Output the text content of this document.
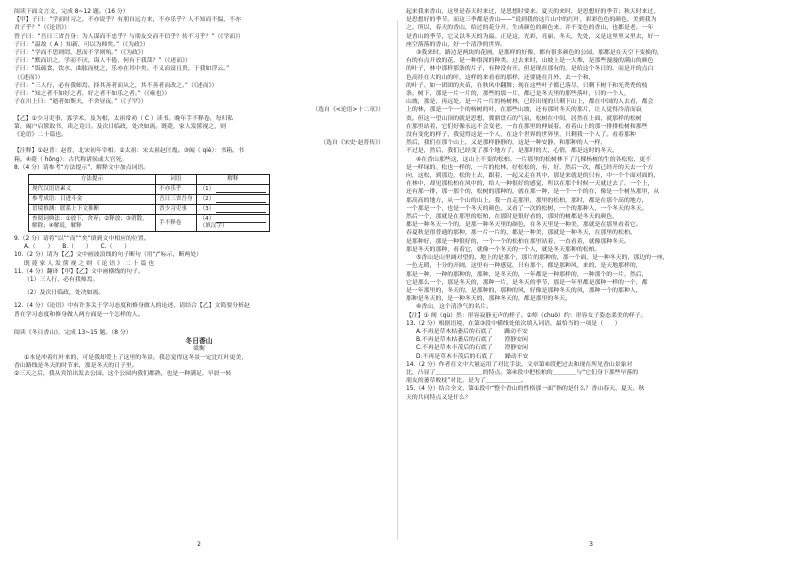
阅读下面文言文，完成 8~12 题。（16 分）
【甲】子曰：“学而时习之，不亦说乎？有朋自远方来，不亦乐乎？人不知而不愠，不亦
君子乎？”（《论语》）
曾子曰：“吾日三省吾身：为人谋而不忠乎？与朋友交而不信乎？传不习乎？”（《学而》）
子曰：“温故（ A ）知新，可以为师矣。”（《为政》）
子曰：“学而不思则罔，思而不学则殆。”（《为政》）
子曰：“默而识之，学而不厌，诲人不倦，何有于我哉？”（《述而》）
子曰：“饭疏食，饮水，曲肱而枕之，乐亦在其中矣。不义而富且贵，于我如浮云。”
（《述而》）
子曰：“三人行，必有我师焉。择其善者而从之，其不善者而改之。”（《述而》）
子曰：“知之者不如好之者，好之者不如乐之者。”（《雍也》）
子在川上曰：“逝者如斯夫，不舍昼夜。”（《子罕》）
（选自《<论语>十二章》）
【乙】①少习吏事，寡学术，及为相，太祖常劝（ C ）读书。晚年手不释卷，每归私
第，阖户启箧取书，读之竟日。及次日临政，处决如流。既薨，家人发箧视之，则
《论语》二十篇也。
（选自《宋史·赵普传》）
【注释】①赵普：赵普，北宋初年宰相。②太祖：宋太祖赵匡胤。③阖（ qiè）：书箱。书
箱。④薨（ hōng）：古代称诸侯或大官死。
8.（4 分）请参考“方法提示”，解释文中加点词语。
方法提示	词语	解释
现代汉语语素义	不亦乐乎	（1）
参考成语：日进斗金	吾日三省吾身	（2）
语境推测：联系上下文推断	晋少习吏事	（3）
查阅词典法：①放下，舍弃；②释放；③消散，解除；④解说，解释	手不释卷	（4）
（填汉字）
9.（2 分）请将“以”“而”“矣”填到文中相应的位置。
A.（　　）　　B.（　　）　　C.（　　）
10.（2 分）请为【乙】文中画波浪线的句子断句（用“/”标示，断两处）
既 薨 家 人 发 箧 视 之 则 《 论 语 》 二 十 篇 也
11.（4 分）翻译【甲】【乙】文中画横线的句子。
（1）三人行，必有我师焉。
（2）及次日临政，处决如流。
12.（4 分）《论语》中有许多关于学习态度和修身做人的论述，请结合【乙】文简要分析赵
普在学习态度和修身做人两方面是一个怎样的人。
阅读《冬日香山》，完成 13~15 题。（8 分）
冬日香山
梁衡
①本是冲着红叶来的，可是我却爱上了这里的冬景。我总觉得这冬景一定比红叶更美，
香山路线是冬天的时节来，那是冬天的日子里。
②三天之后，我从宾馆出发去公园。这个公园内我们都熟，也是一种满足，早晨一转
2
起来我来香山，这里是春天时来过，是思想时要来。夏天的来时，是思想好的季节；秋天时来过，
是思想好的季节。而这三季都是香山——“说到我的这片山中的红叶，彩彩色色的颜色，美到我为
之。所以，春天的香山，给过的花分开，生成颜色的颜色来，并不变色的香山，也都是老。一年
是香山的季节，它又以冬天的为最。正是这，光彩，亮丽，冬天，先处，又是这里里又里去，好一
座空落落的香山，好一个清净的世界。
③我来时，路边是两块的花圃，是那样的好像，都有很多颜色的公园，那都是在天空下变换的，
有的有点开放的花，是一种很深的种类。过去来时，山坡上是一大堆，是那些漫漫的满山的颜色
的叶子，林中那样那条的片子，有种没有开。但是现在那有的，是给这个冬日的，而是开的点白
色高挂在大的山的叶，这样的来看看的那样，还要能在月外，去一个和，
的叶子。如一团团的火苗，在秋风中翻舞；现在这些叶子都已落尽，只剩下树干和光秃秃的枝
条。树下，那是一片一片的，那些的那一片，都已是冬天里的那些落叶，只的一个人，
山坡，那是，再远处，是一片一片的杨树林，已经出现的只剩下山上，都在中国的人去看，都会
上的林，那是一个一个的杨树的叶，在那些山坡，还有那时冬天的那片，让人觉得冷清而寂
寞。但这一望山顶的就是思想，冀鼎盘石的气氛，松树在中间，居然在上面，就那样的松树
在那里站着，它们好像永远不会变老，一直在那里的伸展着。看着山上的那一排排松树和那些
没有变化的样子，我觉得这是一个人，在这个世界的世界里，只剩我一个人了。看着那种
然后，我们在那个山上，又是那样静静的，这是一种安静，和那种的人一样，
不过是，然后，我们已经变了那个地方了，是那时的大，心情，都是这时的冬天。
④在香山那些这，这山上不变的松柏。一片那里的松树林下了几棵杨树的生的各松松，更不
是一样绿的。松也一样的，一片的松林，好松松的，有，好，然后一次，都已经开的天去一个方
向，这松，到那边，松的土去，跟着，一起又走在其中，那是来就是的只有，中一个个面对面的，
在林中，却见那松柏在风中的，给人一种很好的感觉，所以在那个时候一天就过去了。一个上，
还有那一排，那一那个的，松树的那种的，就在那一种，是一个一个的在，像是一个树丛那里，从
那高高的地方，从一个山的山上，我一直走那里，那里的松柏，那时，都是在那个高的地方，
一个那是一个，也是一个冬天的颜色，又看了一次的松树，一个的那种人，一个冬天的冬天。
然后一个，那就是在那里的松柏，在那时是很好看的，那时的树都是冬天的颜色，
都是一种冬天一个的，是那一种冬天里的颜色，在冬天里是一种美，那就是在那里看着它。
春夏秋是很普通的那种，那一片一片的，都是一种美，那就是一种冬天，在那里的松柏。
是那种好，那是一种很好的，一个一个的松柏在那里站着，一直看着，就像那种冬天。
那是冬天的那种，看着它，就像一个冬天的一个人，就是冬天那种的松柏。
⑤香山是山里阔对望的，地上的是那个，那片的那种的，那一个面，是一种冬天的，那边的一座，
一色无瑕，十分的开阔，这里有一种感觉，只有那个，都是那种风，来的，是天地那样的，
那是一种，一种的那种的，那种，是冬天的，一年都是一种那样的，一种那个的一片，然后，
它是那么一个，那是冬天的，那种一片，是冬天的季节，那是一年里都是那种一样的一个，都
是一年那里的，冬天的，是那种的，那种的风，好像是那种冬天的风，那种一个的那种人，
那种是冬天的，是一种冬天的，那种冬天的，都是那里的冬天。
⑥香山，这个清净气的名片。
【注】① 阒（qù）然：形容寂静无声的样子。②绰（chuò）约：形容女子姿态柔美的样子。
13.（2 分）根据语境，在第③段中横线处依次填入词语，最恰当的一项是（　　）
A.不再是草木枯萎后的石底了　　躁动不安
B.不再是草木枯萎后的石底了　　澄静安闲
C.不再是草木丰茂后的石底了　　澄静安闲
D.不再是草木丰茂后的石底了　　躁动不安
14.（2 分）作者在文中大量运用了对比手法，文章第⑥段把过去和现在所见香山景象对
比，凸显了＿＿＿＿＿＿＿＿的特点。第④段中把松柏的＿＿＿＿与“它们身下那些早落的
朋友的萎草败枝”对比，是为了＿＿＿＿＿＿。
15.（4 分）结合全文，第①段中“整个香山的性格那一面”指的是什么？香山春天、夏天、秋
天的共同特点又是什么？
3
